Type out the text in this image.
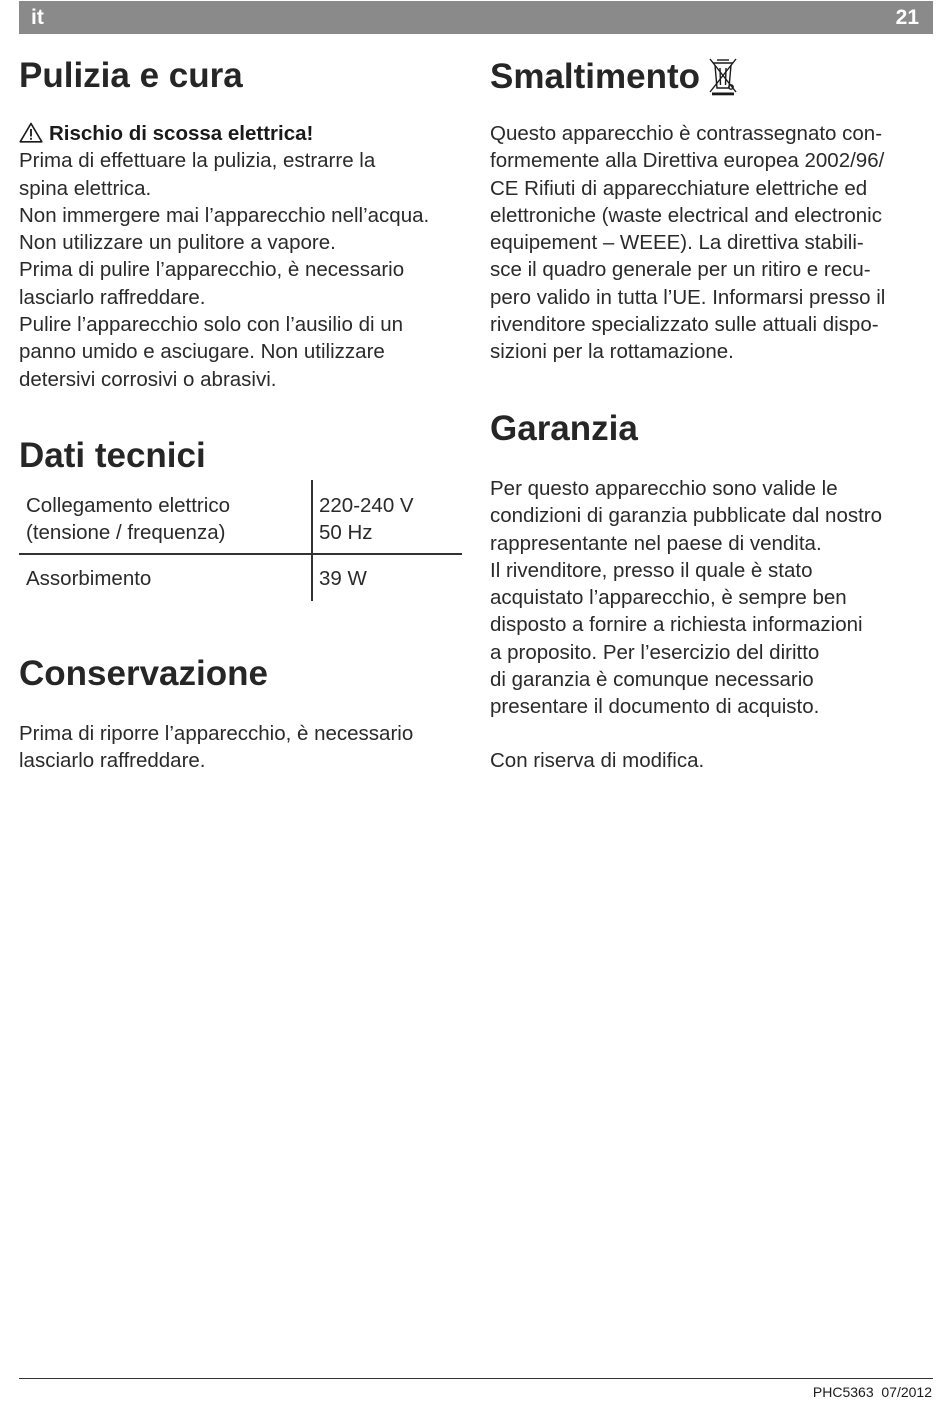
it	21
Pulizia e cura
Rischio di scossa elettrica!
Prima di effettuare la pulizia, estrarre la
spina elettrica.
Non immergere mai l’apparecchio nell’acqua.
Non utilizzare un pulitore a vapore.
Prima di pulire l’apparecchio, è necessario
lasciarlo raffreddare.
Pulire l’apparecchio solo con l’ausilio di un
panno umido e asciugare. Non utilizzare
detersivi corrosivi o abrasivi.
Dati tecnici
Collegamento elettrico
(tensione / frequenza)
220-240 V
50 Hz
Assorbimento	39 W
Conservazione
Prima di riporre l’apparecchio, è necessario
lasciarlo raffreddare.
Smaltimento
Questo apparecchio è contrassegnato con-
formemente alla Direttiva europea 2002/96/
CE Rifiuti di apparecchiature elettriche ed
elettroniche (waste electrical and electronic
equipement – WEEE). La direttiva stabili-
sce il quadro generale per un ritiro e recu-
pero valido in tutta l’UE. Informarsi presso il
rivenditore specializzato sulle attuali dispo-
sizioni per la rottamazione.
Garanzia
Per questo apparecchio sono valide le
condizioni di garanzia pubblicate dal nostro
rappresentante nel paese di vendita.
Il rivenditore, presso il quale è stato
acquistato l’apparecchio, è sempre ben
disposto a fornire a richiesta informazioni
a proposito. Per l’esercizio del diritto
di garanzia è comunque necessario
presentare il documento di acquisto.
Con riserva di modifica.
PHC5363 07/2012
